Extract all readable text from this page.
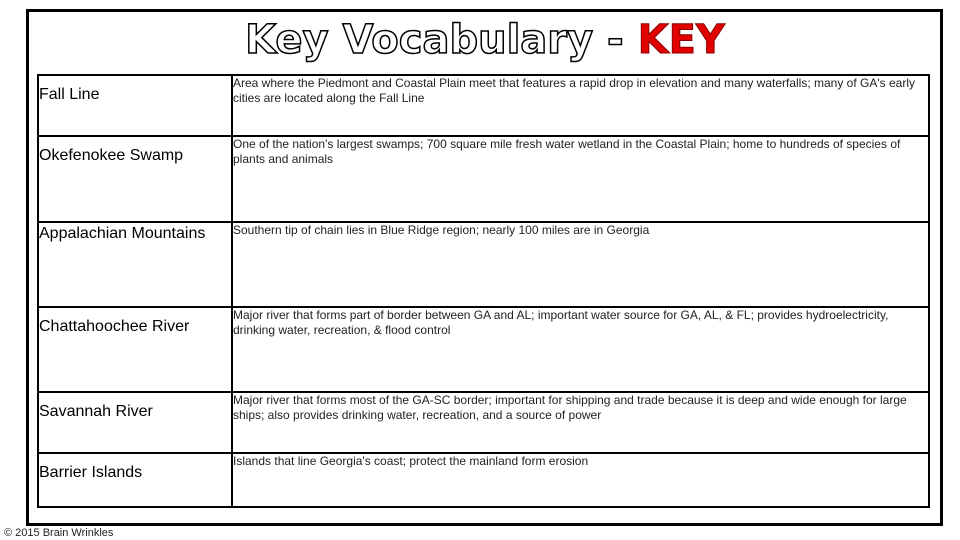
Key Vocabulary - KEY
Fall Line	Area where the Piedmont and Coastal Plain meet that features a rapid drop in elevation and many waterfalls; many of GA's early cities are located along the Fall Line
Okefenokee Swamp	One of the nation's largest swamps; 700 square mile fresh water wetland in the Coastal Plain; home to hundreds of species of plants and animals
Appalachian Mountains	Southern tip of chain lies in Blue Ridge region; nearly 100 miles are in Georgia
Chattahoochee River	Major river that forms part of border between GA and AL; important water source for GA, AL, & FL; provides hydroelectricity, drinking water, recreation, & flood control
Savannah River	Major river that forms most of the GA-SC border; important for shipping and trade because it is deep and wide enough for large ships; also provides drinking water, recreation, and a source of power
Barrier Islands	Islands that line Georgia's coast; protect the mainland form erosion
© 2015 Brain Wrinkles
